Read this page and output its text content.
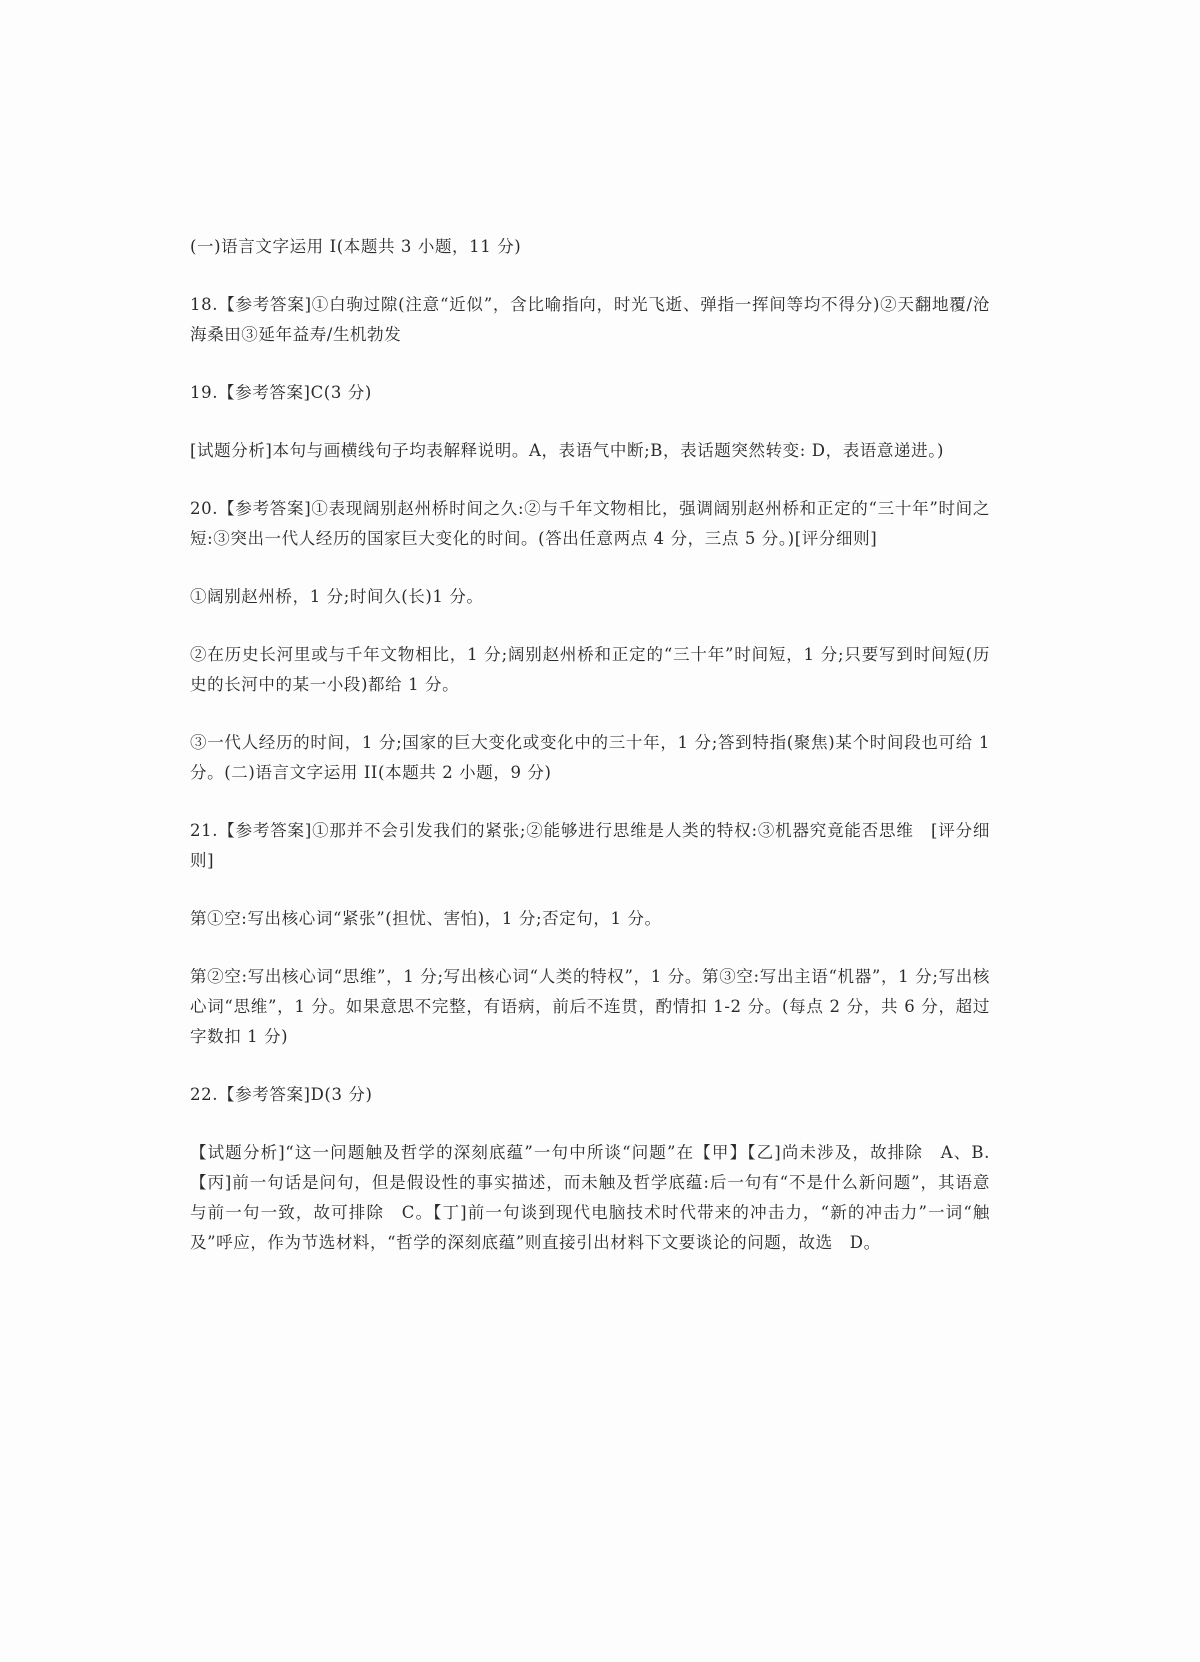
(一)语言文字运用 I(本题共 3 小题，11 分)

18.【参考答案]①白驹过隙(注意“近似”，含比喻指向，时光飞逝、弹指一挥间等均不得分)②天翻地覆/沧海桑田③延年益寿/生机勃发

19.【参考答案]C(3 分)

[试题分析]本句与画横线句子均表解释说明。A，表语气中断;B，表话题突然转变: D，表语意递进。)

20.【参考答案]①表现阔别赵州桥时间之久:②与千年文物相比，强调阔别赵州桥和正定的“三十年”时间之短:③突出一代人经历的国家巨大变化的时间。(答出任意两点 4 分，三点 5 分。)[评分细则]

①阔别赵州桥，1 分;时间久(长)1 分。

②在历史长河里或与千年文物相比，1 分;阔别赵州桥和正定的“三十年”时间短，1 分;只要写到时间短(历史的长河中的某一小段)都给 1 分。

③一代人经历的时间，1 分;国家的巨大变化或变化中的三十年，1 分;答到特指(聚焦)某个时间段也可给 1 分。(二)语言文字运用 II(本题共 2 小题，9 分)

21.【参考答案]①那并不会引发我们的紧张;②能够进行思维是人类的特权:③机器究竟能否思维　[评分细则]

第①空:写出核心词“紧张”(担忧、害怕)，1 分;否定句，1 分。

第②空:写出核心词“思维”，1 分;写出核心词“人类的特权”，1 分。第③空:写出主语“机器”，1 分;写出核心词“思维”，1 分。如果意思不完整，有语病，前后不连贯，酌情扣 1-2 分。(每点 2 分，共 6 分，超过字数扣 1 分)

22.【参考答案]D(3 分)

【试题分析]“这一问题触及哲学的深刻底蕴”一句中所谈“问题”在【甲】【乙]尚未涉及，故排除　A、B.【丙]前一句话是问句，但是假设性的事实描述，而未触及哲学底蕴:后一句有“不是什么新问题”，其语意与前一句一致，故可排除　C。【丁]前一句谈到现代电脑技术时代带来的冲击力，“新的冲击力”一词“触及”呼应，作为节选材料，“哲学的深刻底蕴”则直接引出材料下文要谈论的问题，故选　D。
